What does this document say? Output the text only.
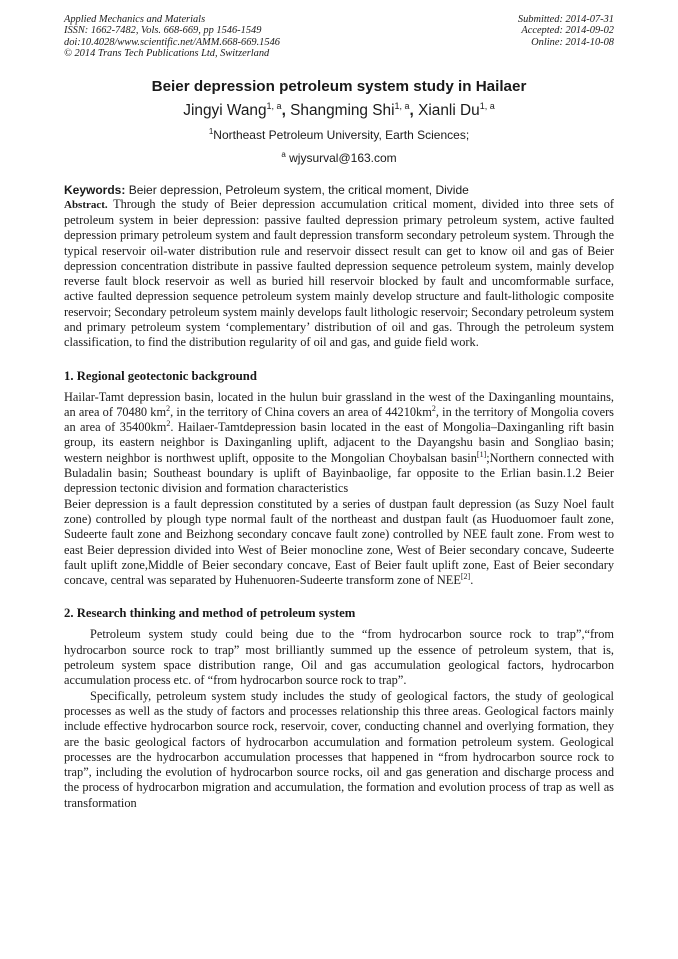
Applied Mechanics and Materials
ISSN: 1662-7482, Vols. 668-669, pp 1546-1549
doi:10.4028/www.scientific.net/AMM.668-669.1546
© 2014 Trans Tech Publications Ltd, Switzerland
Submitted: 2014-07-31
Accepted: 2014-09-02
Online: 2014-10-08
Beier depression petroleum system study in Hailaer
Jingyi Wang$^{1, a}$, Shangming Shi$^{1, a}$, Xianli Du$^{1, a}$
$^1$Northeast Petroleum University, Earth Sciences;
$^a$ wjysurval@163.com
Keywords: Beier depression, Petroleum system, the critical moment, Divide

Abstract. Through the study of Beier depression accumulation critical moment, divided into three sets of petroleum system in beier depression: passive faulted depression primary petroleum system, active faulted depression primary petroleum system and fault depression transform secondary petroleum system. Through the typical reservoir oil-water distribution rule and reservoir dissect result can get to know oil and gas of Beier depression concentration distribute in passive faulted depression sequence petroleum system, mainly develop reverse fault block reservoir as well as buried hill reservoir blocked by fault and uncomformable surface, active faulted depression sequence petroleum system mainly develop structure and fault-lithologic composite reservoir; Secondary petroleum system mainly develops fault lithologic reservoir; Secondary petroleum system and primary petroleum system ‘complementary’ distribution of oil and gas. Through the petroleum system classification, to find the distribution regularity of oil and gas, and guide field work.

1. Regional geotectonic background

Hailar-Tamt depression basin, located in the hulun buir grassland in the west of the Daxinganling mountains, an area of 70480 $km^2$, in the territory of China covers an area of $44210km^2$, in the territory of Mongolia covers an area of $35400km^2$. Hailaer-Tamtdepression basin located in the east of Mongolia–Daxinganling rift basin group, its eastern neighbor is Daxinganling uplift, adjacent to the Dayangshu basin and Songliao basin; western neighbor is northwest uplift, opposite to the Mongolian Choybalsan basin[1];Northern connected with Buladalin basin; Southeast boundary is uplift of Bayinbaolige, far opposite to the Erlian basin.1.2 Beier depression tectonic division and formation characteristics

Beier depression is a fault depression constituted by a series of dustpan fault depression (as Suzy Noel fault zone) controlled by plough type normal fault of the northeast and dustpan fault (as Huoduomoer fault zone, Sudeerte fault zone and Beizhong secondary concave fault zone) controlled by NEE fault zone. From west to east Beier depression divided into West of Beier monocline zone, West of Beier secondary concave, Sudeerte fault uplift zone,Middle of Beier secondary concave, East of Beier fault uplift zone, East of Beier secondary concave, central was separated by Huhenuoren-Sudeerte transform zone of NEE[2].

2. Research thinking and method of petroleum system

Petroleum system study could being due to the “from hydrocarbon source rock to trap”,“from hydrocarbon source rock to trap” most brilliantly summed up the essence of petroleum system, that is, petroleum system space distribution range, Oil and gas accumulation geological factors, hydrocarbon accumulation process etc. of “from hydrocarbon source rock to trap”.

Specifically, petroleum system study includes the study of geological factors, the study of geological processes as well as the study of factors and processes relationship this three areas. Geological factors mainly include effective hydrocarbon source rock, reservoir, cover, conducting channel and overlying formation, they are the basic geological factors of hydrocarbon accumulation and formation petroleum system. Geological processes are the hydrocarbon accumulation processes that happened in “from hydrocarbon source rock to trap”, including the evolution of hydrocarbon source rocks, oil and gas generation and discharge process and the process of hydrocarbon migration and accumulation, the formation and evolution process of trap as well as transformation
